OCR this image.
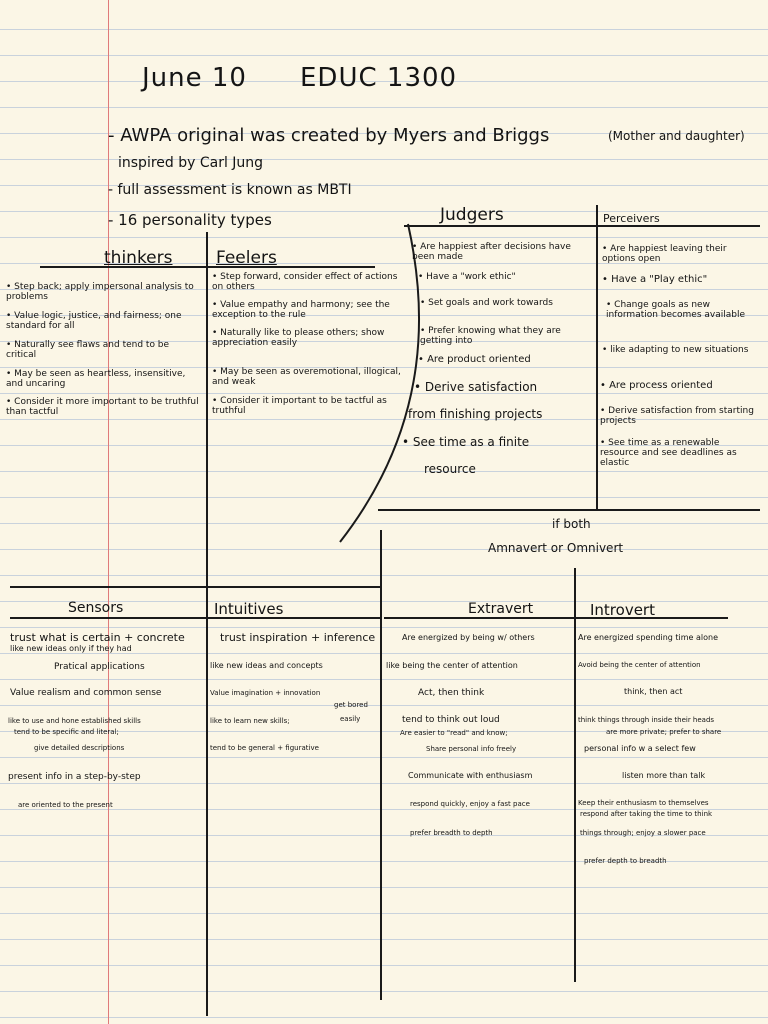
June 10 EDUC 1300
- AWPA original was created by Myers and Briggs	(Mother and daughter)
inspired by Carl Jung
- full assessment is known as MBTI
- 16 personality types
thinkers
• Step back; apply impersonal analysis to problems
• Value logic, justice, and fairness; one standard for all
• Naturally see flaws and tend to be critical
• May be seen as heartless, insensitive, and uncaring
• Consider it more important to be truthful than tactful
Feelers
• Step forward, consider effect of actions on others
• Value empathy and harmony; see the exception to the rule
• Naturally like to please others; show appreciation easily
• May be seen as overemotional, illogical, and weak
• Consider it important to be tactful as truthful
Judgers
• Are happiest after decisions have been made
• Have a "work ethic"
• Set goals and work towards
• Prefer knowing what they are getting into
• Are product oriented
• Derive satisfaction
from finishing projects
• See time as a finite
resource
Perceivers
• Are happiest leaving their options open
• Have a "Play ethic"
• Change goals as new information becomes available
• like adapting to new situations
• Are process oriented
• Derive satisfaction from starting projects
• See time as a renewable resource and see deadlines as elastic
if both
Amnavert or Omnivert
Sensors
trust what is certain + concrete
like new ideas only if they had
Pratical applications
Value realism and common sense
like to use and hone established skills
tend to be specific and literal;
give detailed descriptions
present info in a step-by-step
are oriented to the present
Intuitives
trust inspiration + inference
like new ideas and concepts
Value imagination + innovation
get bored
like to learn new skills;	easily
tend to be general + figurative
Extravert
Are energized by being w/ others
like being the center of attention
Act, then think
tend to think out loud
Are easier to "read" and know;
Share personal info freely
Communicate with enthusiasm
respond quickly, enjoy a fast pace
prefer breadth to depth
Introvert
Are energized spending time alone
Avoid being the center of attention
think, then act
think things through inside their heads
are more private; prefer to share
personal info w a select few
listen more than talk
Keep their enthusiasm to themselves
respond after taking the time to think
things through; enjoy a slower pace
prefer depth to breadth
